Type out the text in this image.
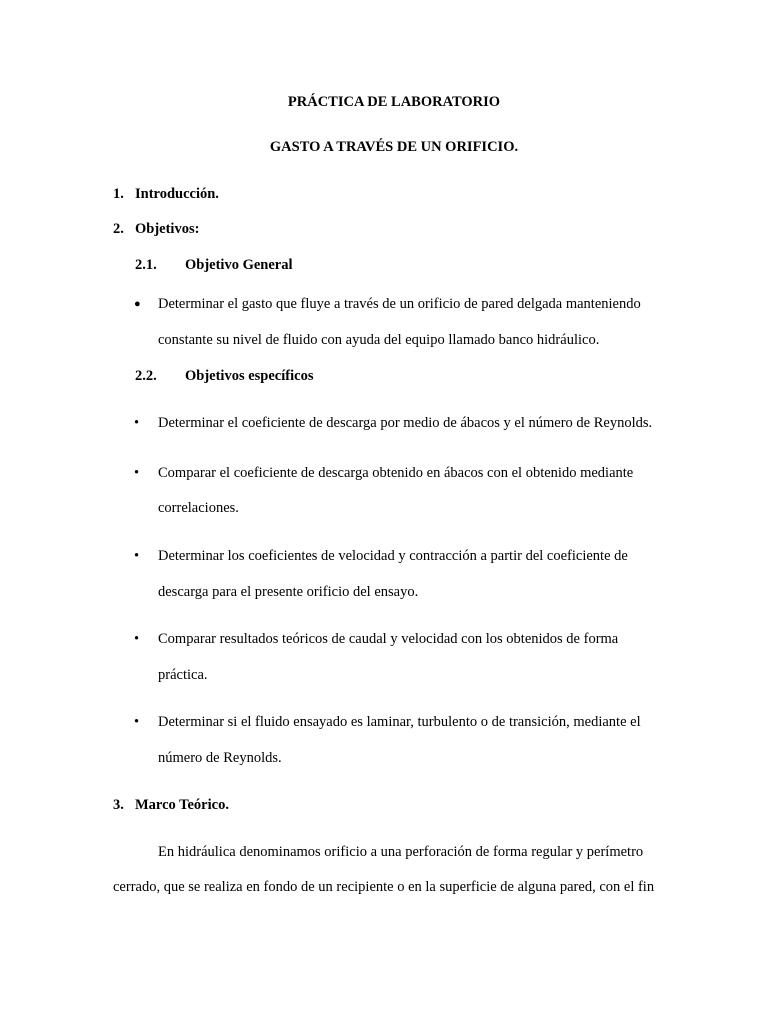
PRÁCTICA DE LABORATORIO
GASTO A TRAVÉS DE UN ORIFICIO.
1. Introducción.
2. Objetivos:
2.1. Objetivo General
● Determinar el gasto que fluye a través de un orificio de pared delgada manteniendo
constante su nivel de fluido con ayuda del equipo llamado banco hidráulico.
2.2. Objetivos específicos
• Determinar el coeficiente de descarga por medio de ábacos y el número de Reynolds.
• Comparar el coeficiente de descarga obtenido en ábacos con el obtenido mediante
correlaciones.
• Determinar los coeficientes de velocidad y contracción a partir del coeficiente de
descarga para el presente orificio del ensayo.
• Comparar resultados teóricos de caudal y velocidad con los obtenidos de forma
práctica.
• Determinar si el fluido ensayado es laminar, turbulento o de transición, mediante el
número de Reynolds.
3. Marco Teórico.
En hidráulica denominamos orificio a una perforación de forma regular y perímetro
cerrado, que se realiza en fondo de un recipiente o en la superficie de alguna pared, con el fin
